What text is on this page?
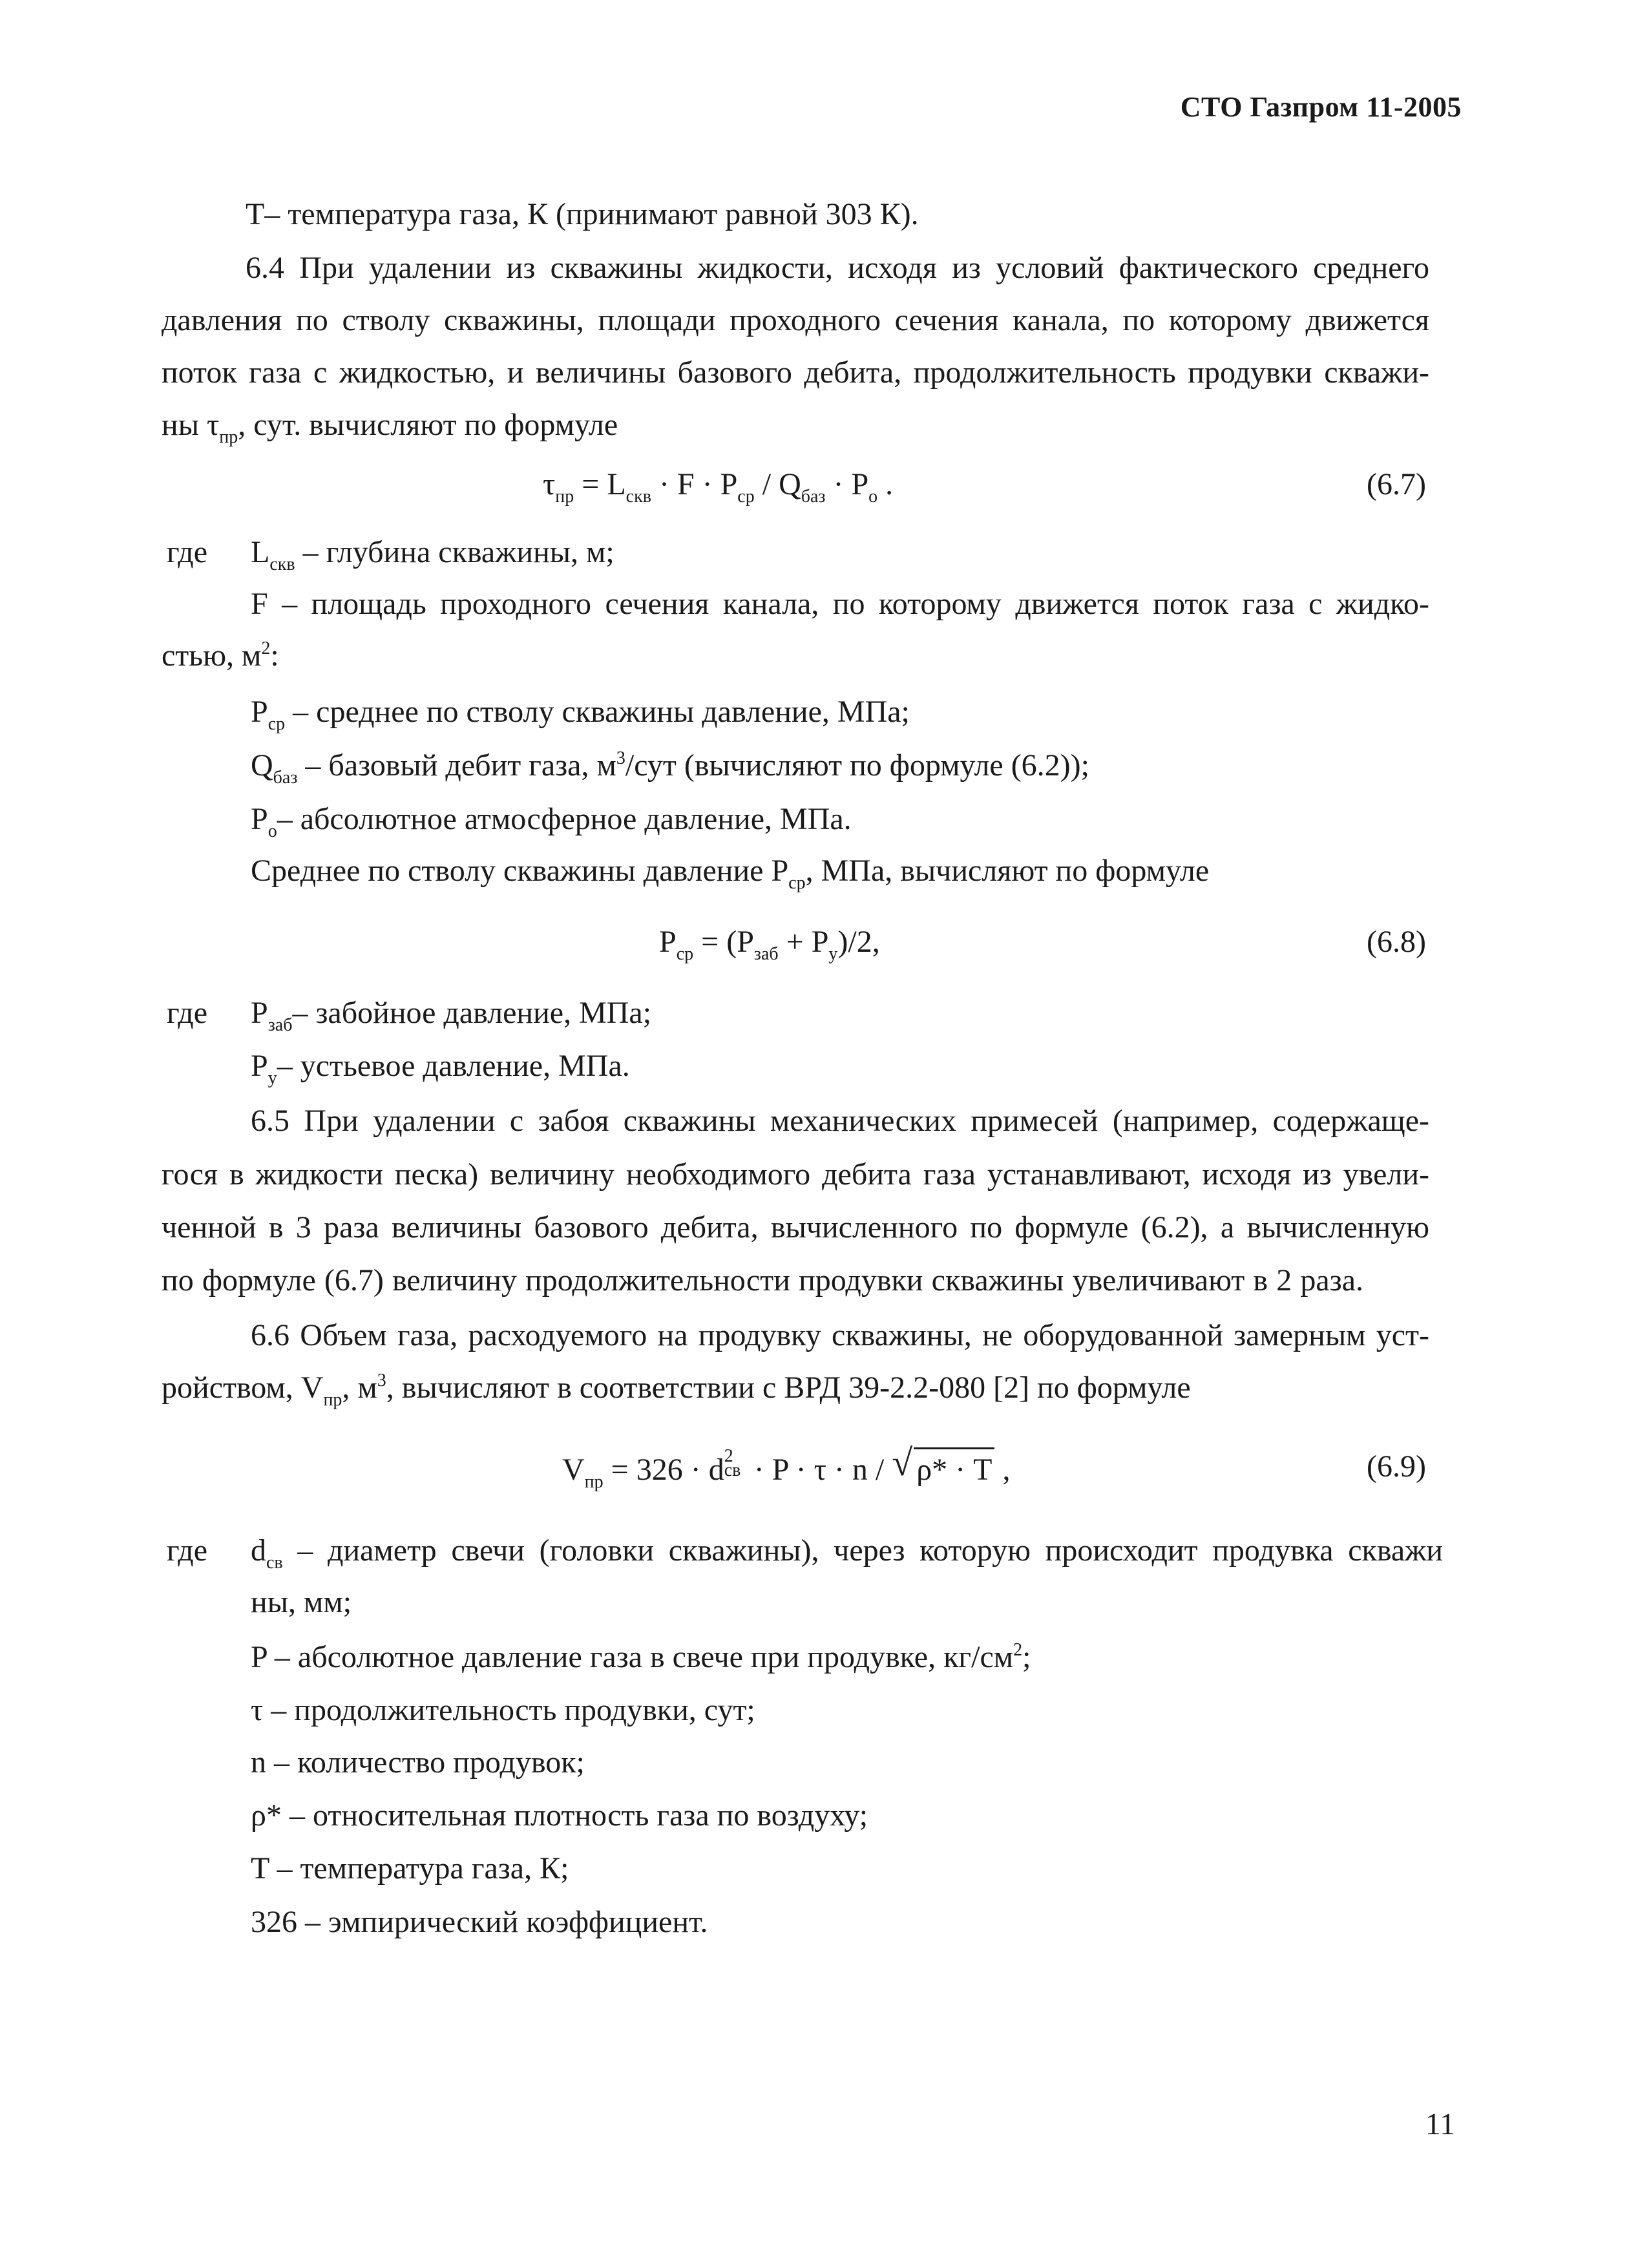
СТО Газпром 11-2005
Т– температура газа, К (принимают равной 303 К).
6.4 При удалении из скважины жидкости, исходя из условий фактического среднего
давления по стволу скважины, площади проходного сечения канала, по которому движется
поток газа с жидкостью, и величины базового дебита, продолжительность продувки скважи-
ны $\tau_{пр}$, сут. вычисляют по формуле
$\tau_{пр} = L_{скв} \cdot F \cdot P_{ср} / Q_{баз} \cdot P_о$ .	(6.7)
где $L_{скв}$ – глубина скважины, м;
F – площадь проходного сечения канала, по которому движется поток газа с жидко-
стью, $м^2$:
$P_{ср}$ – среднее по стволу скважины давление, МПа;
$Q_{баз}$ – базовый дебит газа, $м^3$/сут (вычисляют по формуле (6.2));
$P_о-$ абсолютное атмосферное давление, МПа.
Среднее по стволу скважины давление $P_{ср}$, МПа, вычисляют по формуле
$P_{ср} = (P_{заб} + P_у)/2$,	(6.8)
где $P_{заб}-$ забойное давление, МПа;
$P_у-$ устьевое давление, МПа.
6.5 При удалении с забоя скважины механических примесей (например, содержаще-
гося в жидкости песка) величину необходимого дебита газа устанавливают, исходя из увели-
ченной в 3 раза величины базового дебита, вычисленного по формуле (6.2), а вычисленную
по формуле (6.7) величину продолжительности продувки скважины увеличивают в 2 раза.
6.6 Объем газа, расходуемого на продувку скважины, не оборудованной замерным уст-
ройством, $V_{пр}$, $м^3$, вычисляют в соответствии с ВРД 39-2.2-080 [2] по формуле
$V_{пр} = 326 \cdot d$ 2
св · P · τ · n / √ ρ* · T ,	(6.9)
где $d_{св}$ – диаметр свечи (головки скважины), через которую происходит продувка скважи
ны, мм;
P – абсолютное давление газа в свече при продувке, $кг/см^2$;
τ – продолжительность продувки, сут;
n – количество продувок;
ρ* – относительная плотность газа по воздуху;
T – температура газа, К;
326 – эмпирический коэффициент.
11
